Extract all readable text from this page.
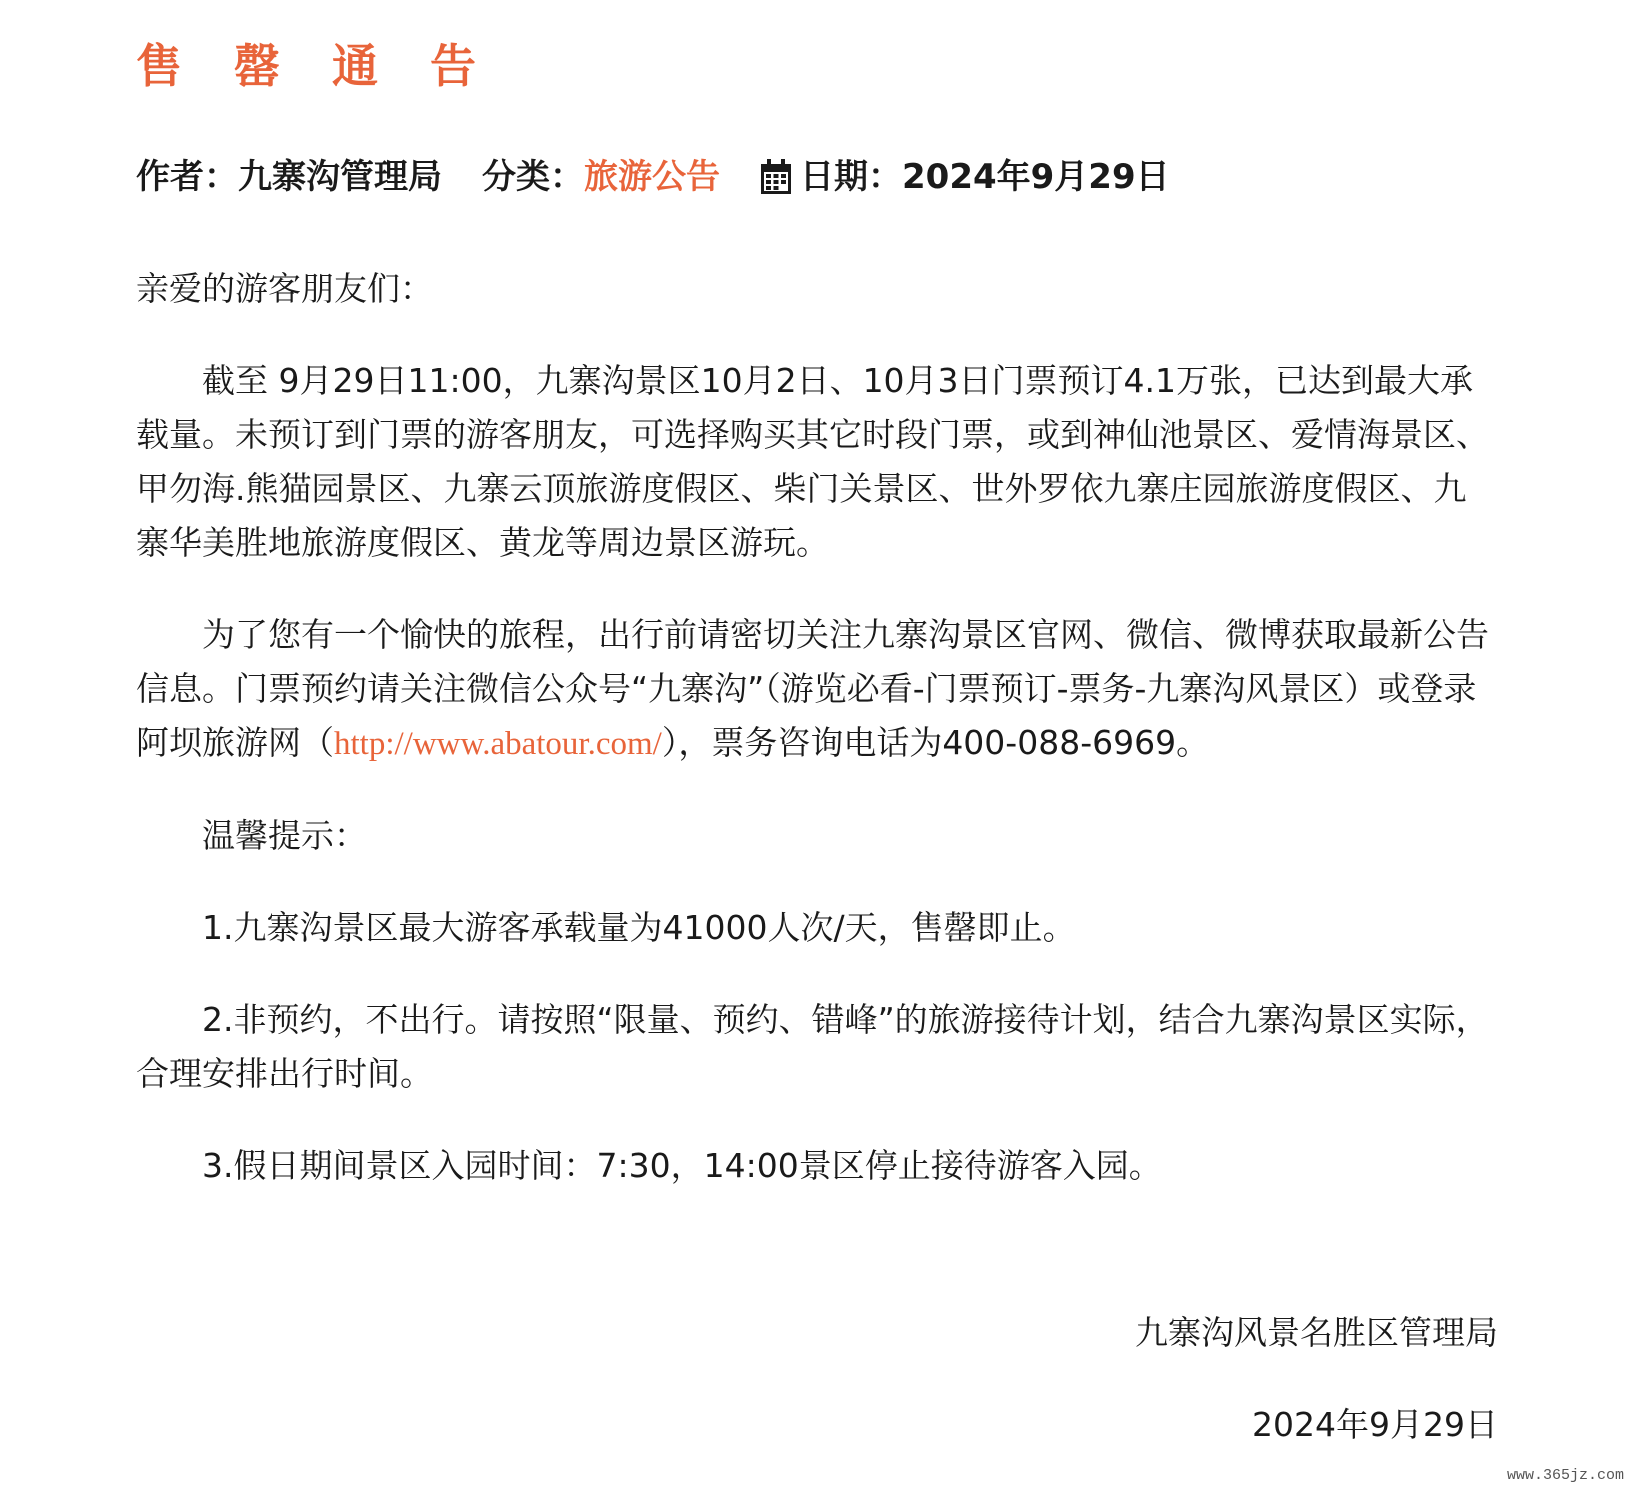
售 罄 通 告
作者： 九寨沟管理局 分类： 旅游公告 日期： 2024年9月29日

亲爱的游客朋友们：

截至 9月29日11:00，九寨沟景区10月2日、10月3日门票预订4.1万张，已达到最大承载量。未预订到门票的游客朋友，可选择购买其它时段门票，或到神仙池景区、爱情海景区、甲勿海.熊猫园景区、九寨云顶旅游度假区、柴门关景区、世外罗依九寨庄园旅游度假区、九寨华美胜地旅游度假区、黄龙等周边景区游玩。

为了您有一个愉快的旅程，出行前请密切关注九寨沟景区官网、微信、微博获取最新公告信息。门票预约请关注微信公众号“九寨沟”（游览必看-门票预订-票务-九寨沟风景区）或登录阿坝旅游网（http://www.abatour.com/），票务咨询电话为400-088-6969。

温馨提示：

1.九寨沟景区最大游客承载量为41000人次/天，售罄即止。

2.非预约，不出行。请按照“限量、预约、错峰”的旅游接待计划，结合九寨沟景区实际，合理安排出行时间。

3.假日期间景区入园时间：7:30，14:00景区停止接待游客入园。

九寨沟风景名胜区管理局
2024年9月29日
www.365jz.com
